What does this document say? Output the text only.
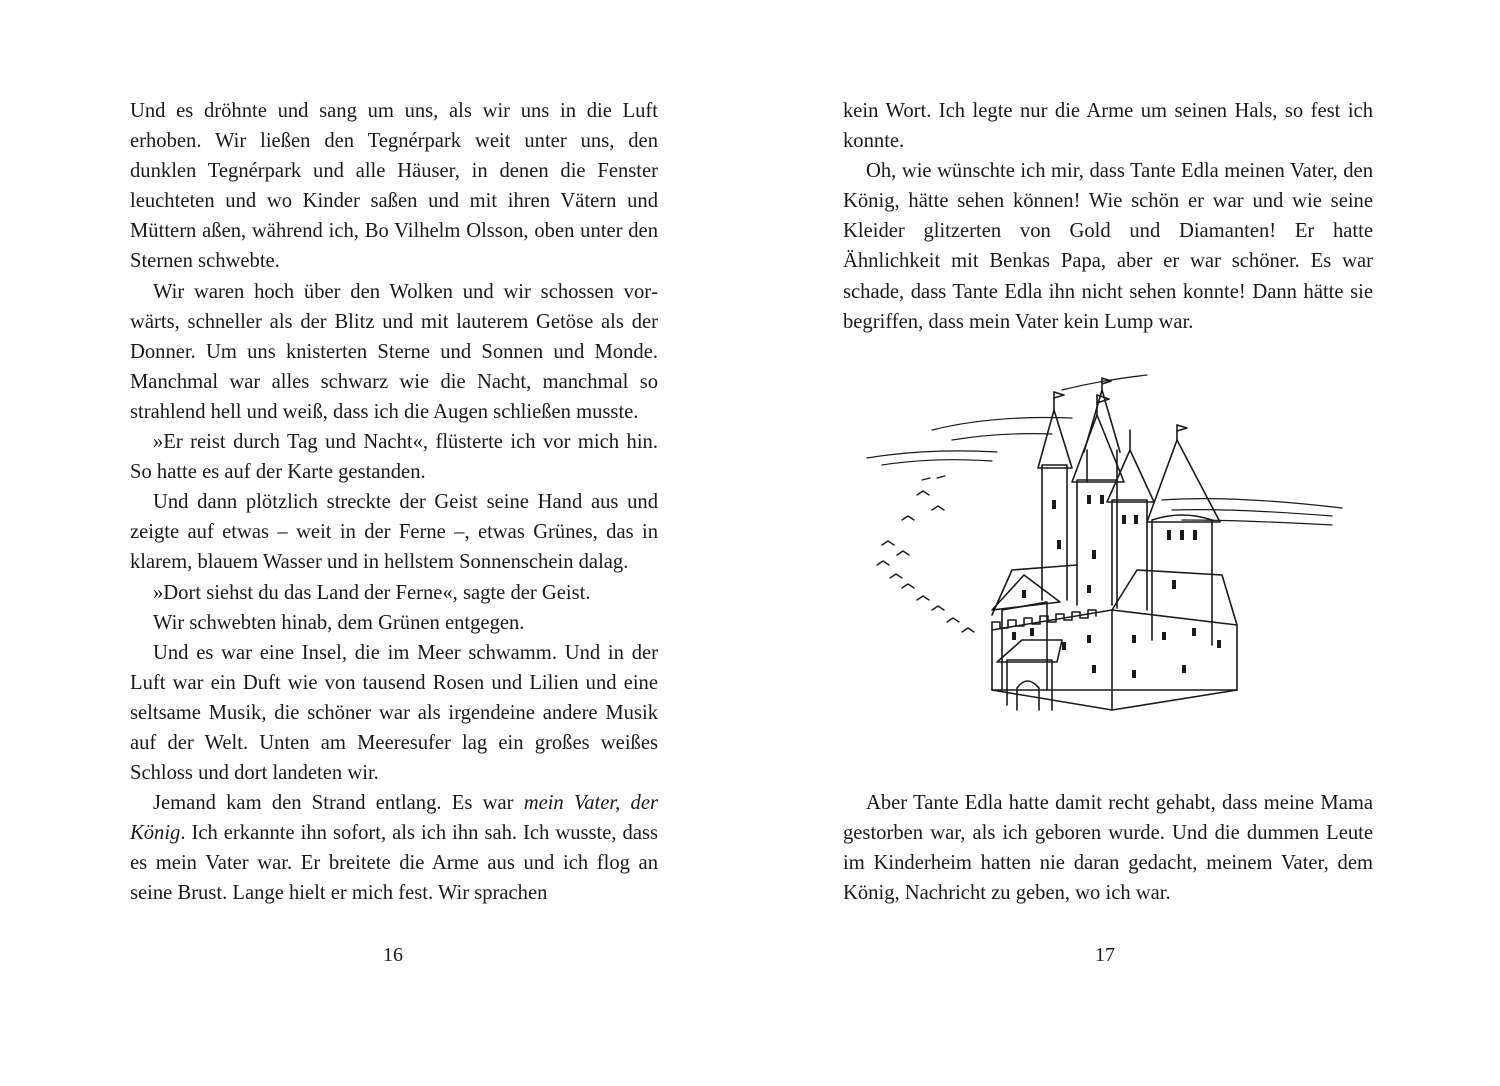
Und es dröhnte und sang um uns, als wir uns in die Luft erhoben. Wir ließen den Tegnérpark weit unter uns, den dunklen Tegnérpark und alle Häuser, in denen die Fenster leuchteten und wo Kinder saßen und mit ihren Vätern und Müttern aßen, während ich, Bo Vilhelm Olsson, oben unter den Sternen schwebte.

Wir waren hoch über den Wolken und wir schossen vorwärts, schneller als der Blitz und mit lauterem Getöse als der Donner. Um uns knisterten Sterne und Sonnen und Monde. Manchmal war alles schwarz wie die Nacht, manchmal so strahlend hell und weiß, dass ich die Augen schließen musste.

»Er reist durch Tag und Nacht«, flüsterte ich vor mich hin. So hatte es auf der Karte gestanden.

Und dann plötzlich streckte der Geist seine Hand aus und zeigte auf etwas – weit in der Ferne –, etwas Grünes, das in klarem, blauem Wasser und in hellstem Sonnenschein dalag.

»Dort siehst du das Land der Ferne«, sagte der Geist.

Wir schwebten hinab, dem Grünen entgegen.

Und es war eine Insel, die im Meer schwamm. Und in der Luft war ein Duft wie von tausend Rosen und Lilien und eine seltsame Musik, die schöner war als irgendeine andere Musik auf der Welt. Unten am Meeresufer lag ein großes weißes Schloss und dort landeten wir.

Jemand kam den Strand entlang. Es war mein Vater, der König. Ich erkannte ihn sofort, als ich ihn sah. Ich wusste, dass es mein Vater war. Er breitete die Arme aus und ich flog an seine Brust. Lange hielt er mich fest. Wir sprachen

16

kein Wort. Ich legte nur die Arme um seinen Hals, so fest ich konnte.

Oh, wie wünschte ich mir, dass Tante Edla meinen Vater, den König, hätte sehen können! Wie schön er war und wie seine Kleider glitzerten von Gold und Diamanten! Er hatte Ähnlichkeit mit Benkas Papa, aber er war schöner. Es war schade, dass Tante Edla ihn nicht sehen konnte! Dann hätte sie begriffen, dass mein Vater kein Lump war.

Aber Tante Edla hatte damit recht gehabt, dass meine Mama gestorben war, als ich geboren wurde. Und die dummen Leute im Kinderheim hatten nie daran gedacht, meinem Vater, dem König, Nachricht zu geben, wo ich war.

17
